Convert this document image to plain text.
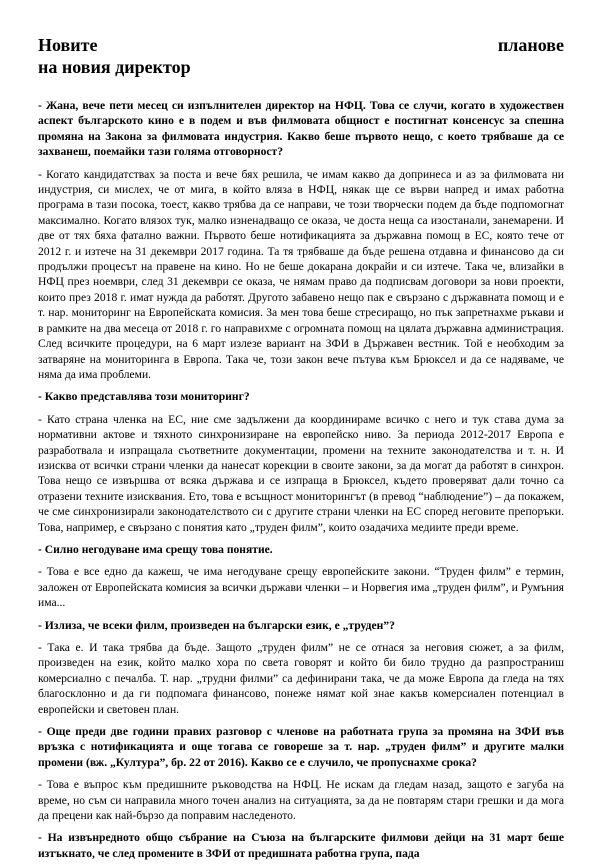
Новите	планове
на новия директор

- Жана, вече пети месец си изпълнителен директор на НФЦ. Това се случи, когато в художествен аспект българското кино е в подем и във филмовата общност е постигнат консенсус за спешна промяна на Закона за филмовата индустрия. Какво беше първото нещо, с което трябваше да се захванеш, поемайки тази голяма отговорност?

- Когато кандидатствах за поста и вече бях решила, че имам какво да допринеса и аз за филмовата ни индустрия, си мислех, че от мига, в който вляза в НФЦ, някак ще се върви напред и имах работна програма в тази посока, тоест, какво трябва да се направи, че този творчески подем да бъде подпомогнат максимално. Когато влязох тук, малко изненадващо се оказа, че доста неща са изостанали, занемарени. И две от тях бяха фатално важни. Първото беше нотификацията за държавна помощ в ЕС, която тече от 2012 г. и изтече на 31 декември 2017 година. Та тя трябваше да бъде решена отдавна и финансово да си продължи процесът на правене на кино. Но не беше докарана докрайи и си изтече. Така че, влизайки в НФЦ през ноември, след 31 декември се оказа, че нямам право да подписвам договори за нови проекти, които през 2018 г. имат нужда да работят. Другото забавено нещо пак е свързано с държавната помощ и е т. нар. мониторинг на Европейската комисия. За мен това беше стресиращо, но пък запретнахме ръкави и в рамките на два месеца от 2018 г. го направихме с огромната помощ на цялата държавна администрация. След всичките процедури, на 6 март излезе вариант на ЗФИ в Държавен вестник. Той е необходим за затваряне на мониторинга в Европа. Така че, този закон вече пътува към Брюксел и да се надяваме, че няма да има проблеми.

- Какво представлява този мониторинг?

- Като страна членка на ЕС, ние сме задължени да координираме всичко с него и тук става дума за нормативни актове и тяхното синхронизиране на европейско ниво. За периода 2012-2017 Европа е разработвала и изпращала съответните документации, промени на техните законодателства и т. н. И изисква от всички страни членки да нанесат корекции в своите закони, за да могат да работят в синхрон. Това нещо се извършва от всяка държава и се изпраща в Брюксел, където проверяват дали точно са отразени техните изисквания. Ето, това е всъщност мониторингът (в превод “наблюдение”) – да покажем, че сме синхронизирали законодателството си с другите страни членки на ЕС според неговите препоръки. Това, например, е свързано с понятия като „труден филм”, които озадачиха медиите преди време.

- Силно негодуване има срещу това понятие.

- Това е все едно да кажеш, че има негодуване срещу европейските закони. “Труден филм” е термин, заложен от Европейската комисия за всички държави членки – и Норвегия има „труден филм”, и Румъния има...

- Излиза, че всеки филм, произведен на български език, е „труден”?

- Така е. И така трябва да бъде. Защото „труден филм” не се отнася за неговия сюжет, а за филм, произведен на език, който малко хора по света говорят и който би било трудно да разпространиш комерсиално с печалба. Т. нар. „трудни филми” са дефинирани така, че да може Европа да гледа на тях благосклонно и да ги подпомага финансово, понеже нямат кой знае какъв комерсиален потенциал в европейски и световен план.

- Още преди две години правих разговор с членове на работната група за промяна на ЗФИ във връзка с нотификацията и още тогава се говореше за т. нар. „труден филм” и другите малки промени (вж. „Култура”, бр. 22 от 2016). Какво се е случило, че пропуснахме срока?

- Това е въпрос към предишните ръководства на НФЦ. Не искам да гледам назад, защото е загуба на време, но съм си направила много точен анализ на ситуацията, за да не повтарям стари грешки и да мога да прецени как най-бързо да поправим наследеното.

- На извънредното общо събрание на Съюза на българските филмови дейци на 31 март беше изтъкнато, че след промените в ЗФИ от предишната работна група, пада
